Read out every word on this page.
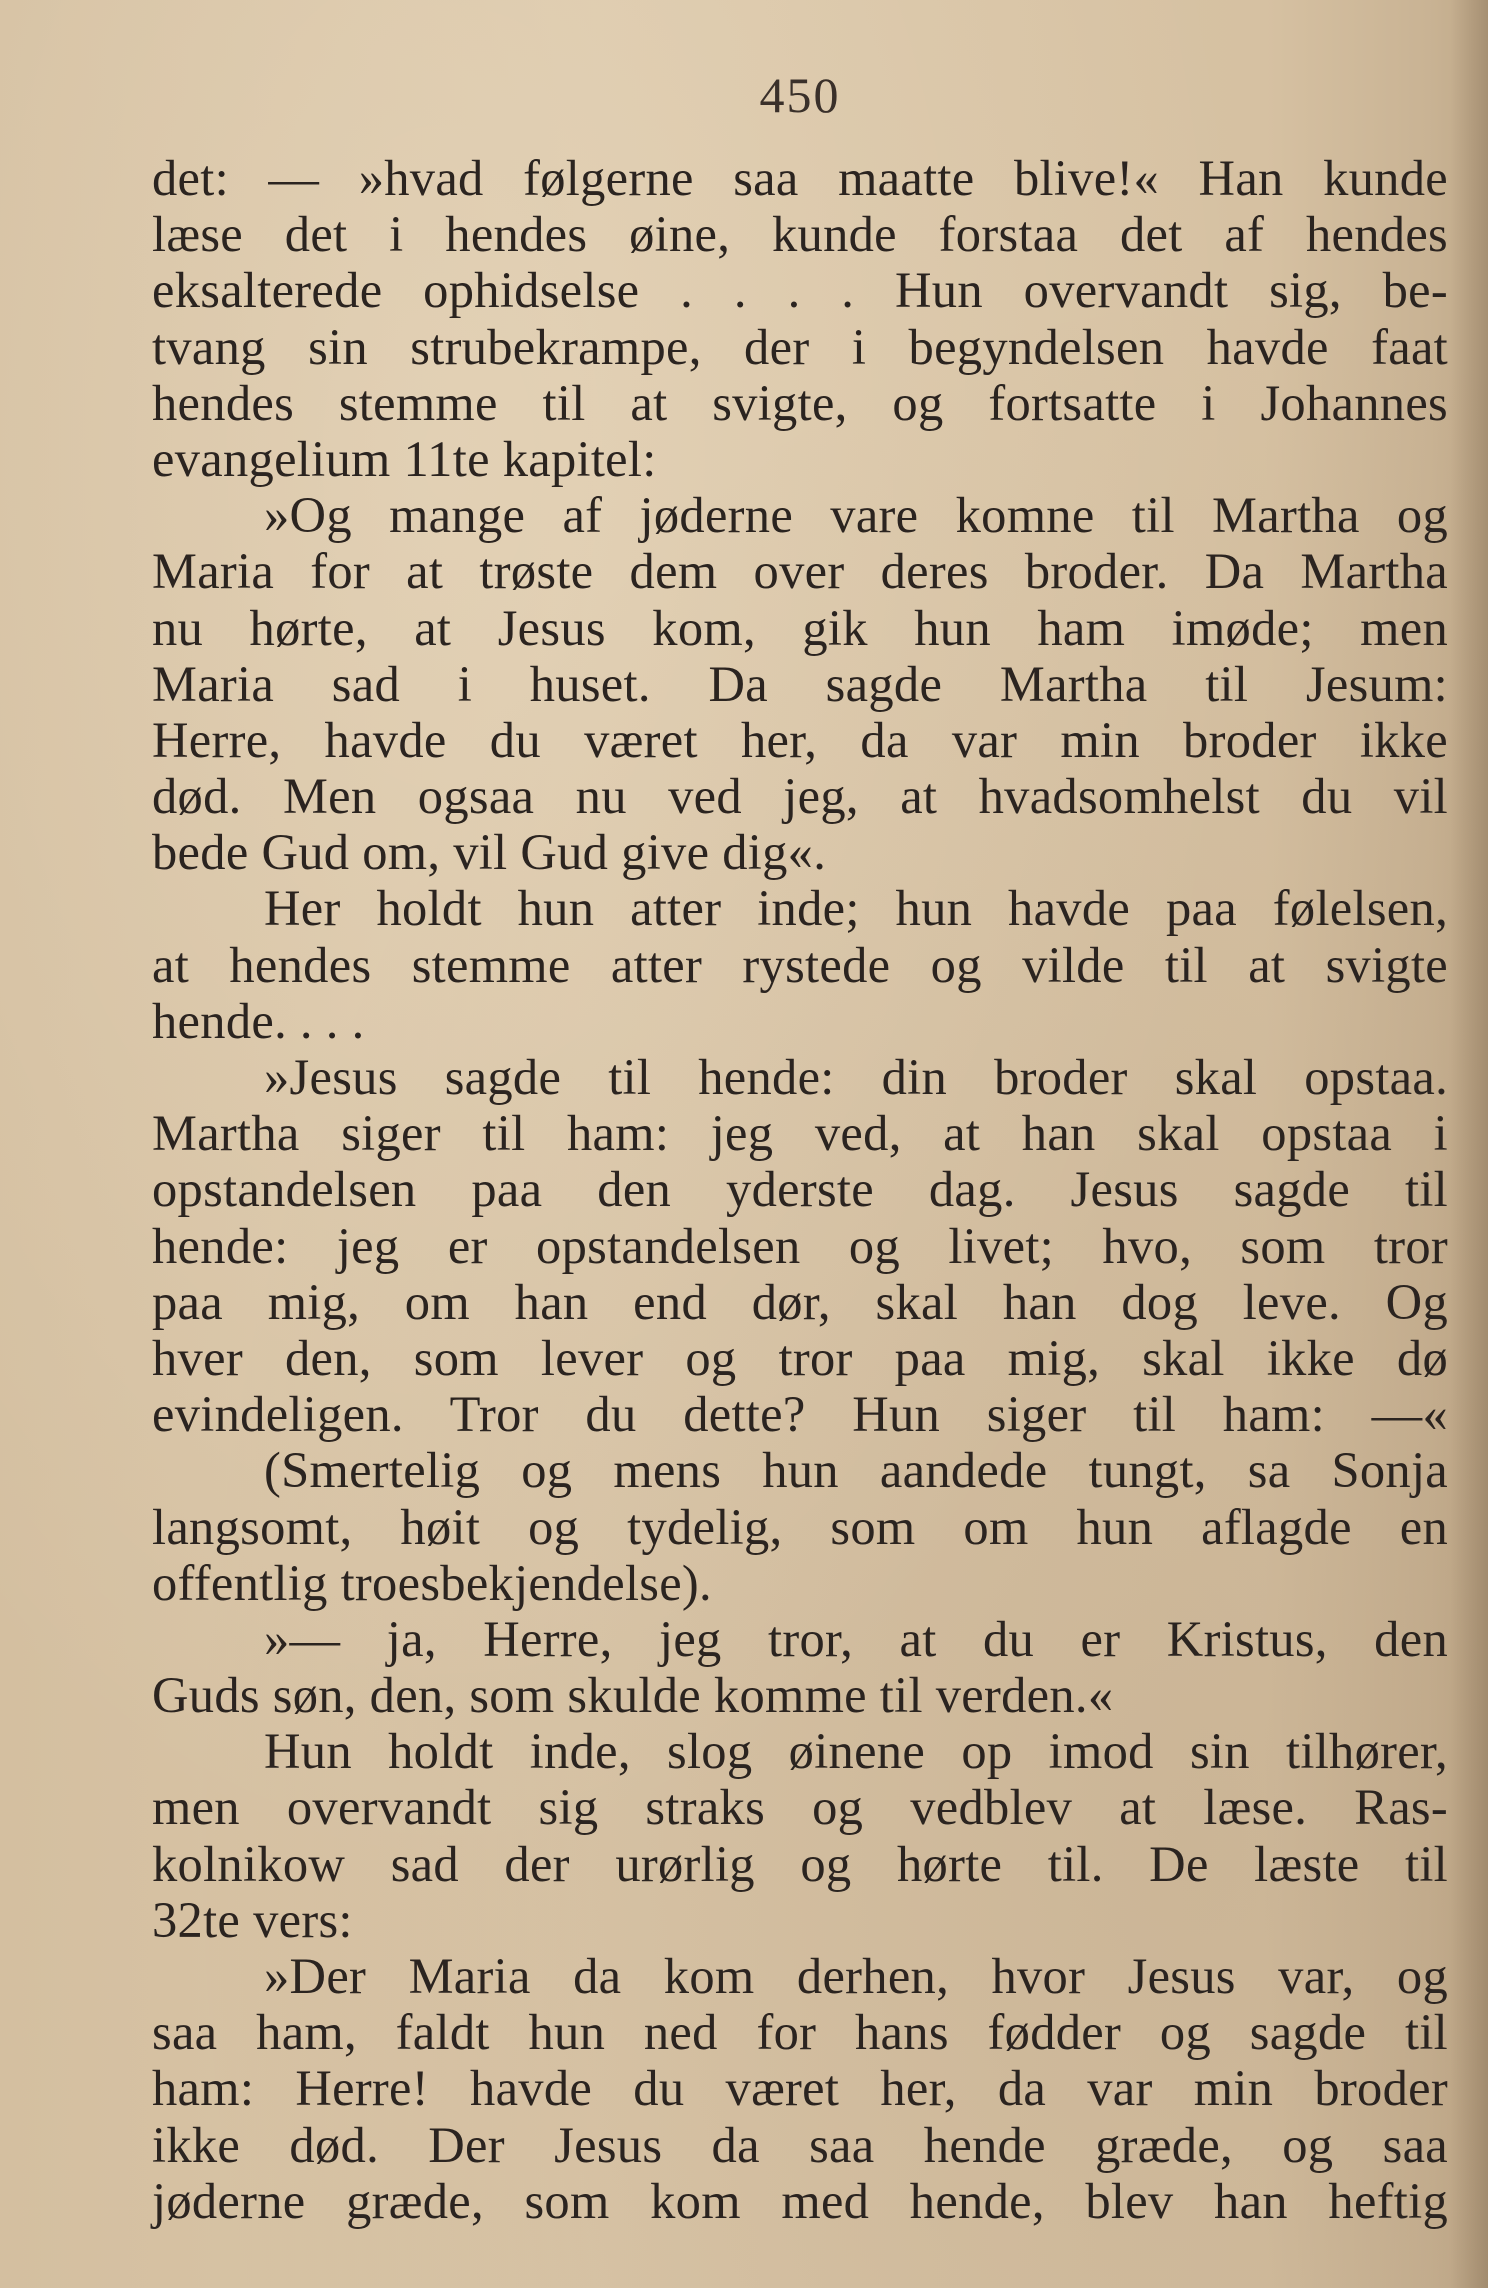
450
det: — »hvad følgerne saa maatte blive!« Han kunde
læse det i hendes øine, kunde forstaa det af hendes
eksalterede ophidselse . . . . Hun overvandt sig, be-
tvang sin strubekrampe, der i begyndelsen havde faat
hendes stemme til at svigte, og fortsatte i Johannes
evangelium 11te kapitel:
»Og mange af jøderne vare komne til Martha og
Maria for at trøste dem over deres broder. Da Martha
nu hørte, at Jesus kom, gik hun ham imøde; men
Maria sad i huset. Da sagde Martha til Jesum:
Herre, havde du været her, da var min broder ikke
død. Men ogsaa nu ved jeg, at hvadsomhelst du vil
bede Gud om, vil Gud give dig«.
Her holdt hun atter inde; hun havde paa følelsen,
at hendes stemme atter rystede og vilde til at svigte
hende. . . .
»Jesus sagde til hende: din broder skal opstaa.
Martha siger til ham: jeg ved, at han skal opstaa i
opstandelsen paa den yderste dag. Jesus sagde til
hende: jeg er opstandelsen og livet; hvo, som tror
paa mig, om han end dør, skal han dog leve. Og
hver den, som lever og tror paa mig, skal ikke dø
evindeligen. Tror du dette? Hun siger til ham: —«
(Smertelig og mens hun aandede tungt, sa Sonja
langsomt, høit og tydelig, som om hun aflagde en
offentlig troesbekjendelse).
»— ja, Herre, jeg tror, at du er Kristus, den
Guds søn, den, som skulde komme til verden.«
Hun holdt inde, slog øinene op imod sin tilhører,
men overvandt sig straks og vedblev at læse. Ras-
kolnikow sad der urørlig og hørte til. De læste til
32te vers:
»Der Maria da kom derhen, hvor Jesus var, og
saa ham, faldt hun ned for hans fødder og sagde til
ham: Herre! havde du været her, da var min broder
ikke død. Der Jesus da saa hende græde, og saa
jøderne græde, som kom med hende, blev han heftig
